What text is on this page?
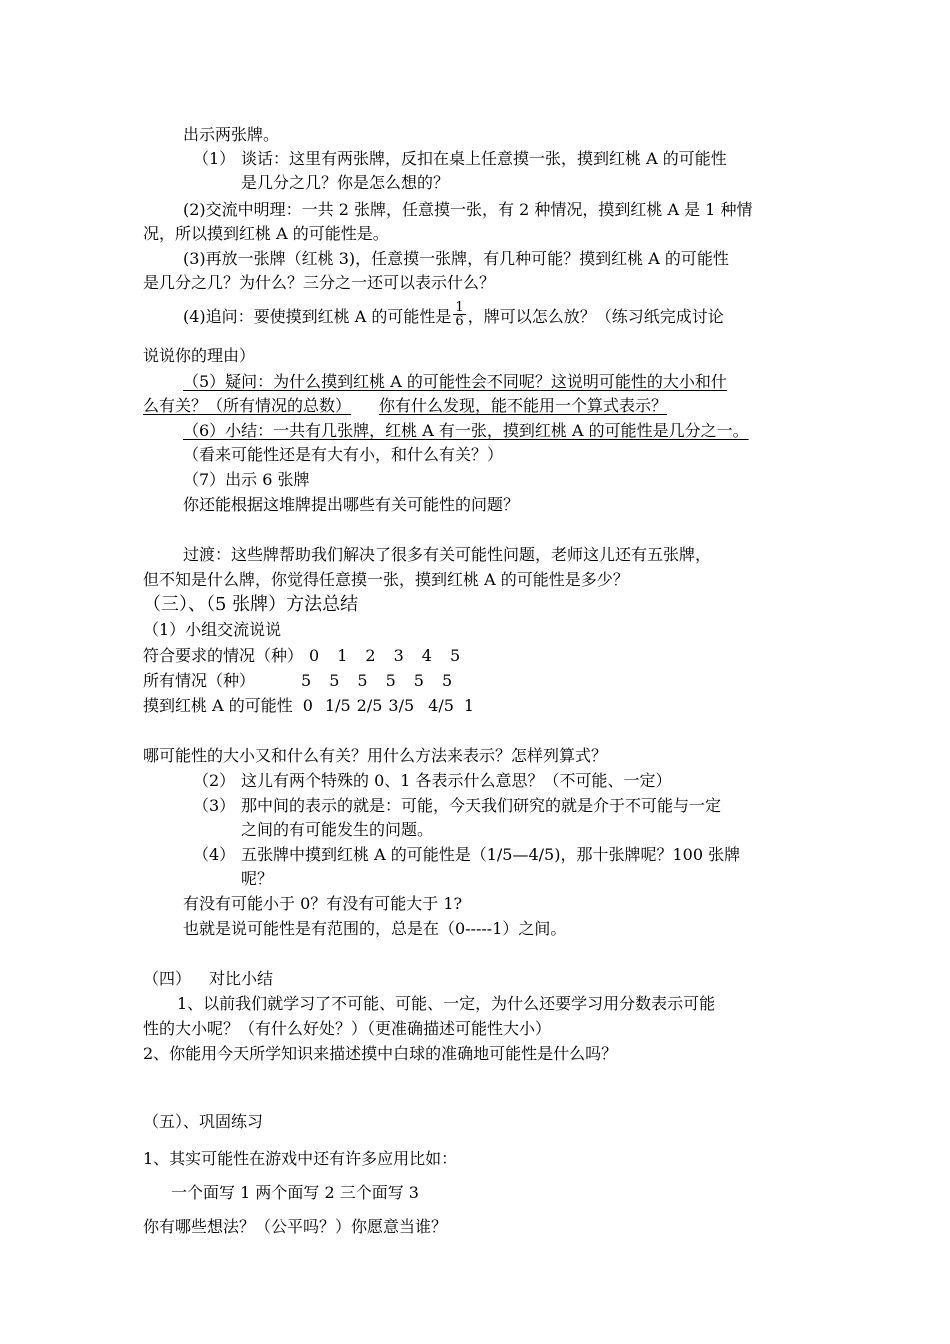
出示两张牌。
（1） 谈话：这里有两张牌，反扣在桌上任意摸一张，摸到红桃 A 的可能性
是几分之几？你是怎么想的？
(2)交流中明理：一共 2 张牌，任意摸一张，有 2 种情况，摸到红桃 A 是 1 种情
况，所以摸到红桃 A 的可能性是。
(3)再放一张牌（红桃 3)，任意摸一张牌，有几种可能？摸到红桃 A 的可能性
是几分之几？为什么？三分之一还可以表示什么？
(4)追问：要使摸到红桃 A 的可能性是 $\frac{1}{6}$ ，牌可以怎么放？（练习纸完成讨论
说说你的理由）
（5）疑问：为什么摸到红桃 A 的可能性会不同呢？这说明可能性的大小和什
么有关？（所有情况的总数） 你有什么发现，能不能用一个算式表示？
（6）小结：一共有几张牌，红桃 A 有一张，摸到红桃 A 的可能性是几分之一。
（看来可能性还是有大有小，和什么有关？）
（7）出示 6 张牌
你还能根据这堆牌提出哪些有关可能性的问题？
过渡：这些牌帮助我们解决了很多有关可能性问题，老师这儿还有五张牌，
但不知是什么牌，你觉得任意摸一张，摸到红桃 A 的可能性是多少？
（三）、（5 张牌）方法总结
（1）小组交流说说
符合要求的情况（种） 0 1 2 3 4 5
所有情况（种）	5 5 5 5 5 5
摸到红桃 A 的可能性 0 1/5 2/5 3/5 4/5 1
哪可能性的大小又和什么有关？用什么方法来表示？怎样列算式？
（2） 这儿有两个特殊的 0、1 各表示什么意思？（不可能、一定）
（3） 那中间的表示的就是：可能，今天我们研究的就是介于不可能与一定
之间的有可能发生的问题。
（4） 五张牌中摸到红桃 A 的可能性是（1/5—4/5)，那十张牌呢？100 张牌
呢？
有没有可能小于 0？有没有可能大于 1?
也就是说可能性是有范围的，总是在（0-----1）之间。
（四） 对比小结
1、以前我们就学习了不可能、可能、一定，为什么还要学习用分数表示可能
性的大小呢？（有什么好处？）（更准确描述可能性大小）
2、你能用今天所学知识来描述摸中白球的准确地可能性是什么吗？
（五）、巩固练习
1、其实可能性在游戏中还有许多应用比如：
一个面写 1 两个面写 2 三个面写 3
你有哪些想法？（公平吗？）你愿意当谁？
